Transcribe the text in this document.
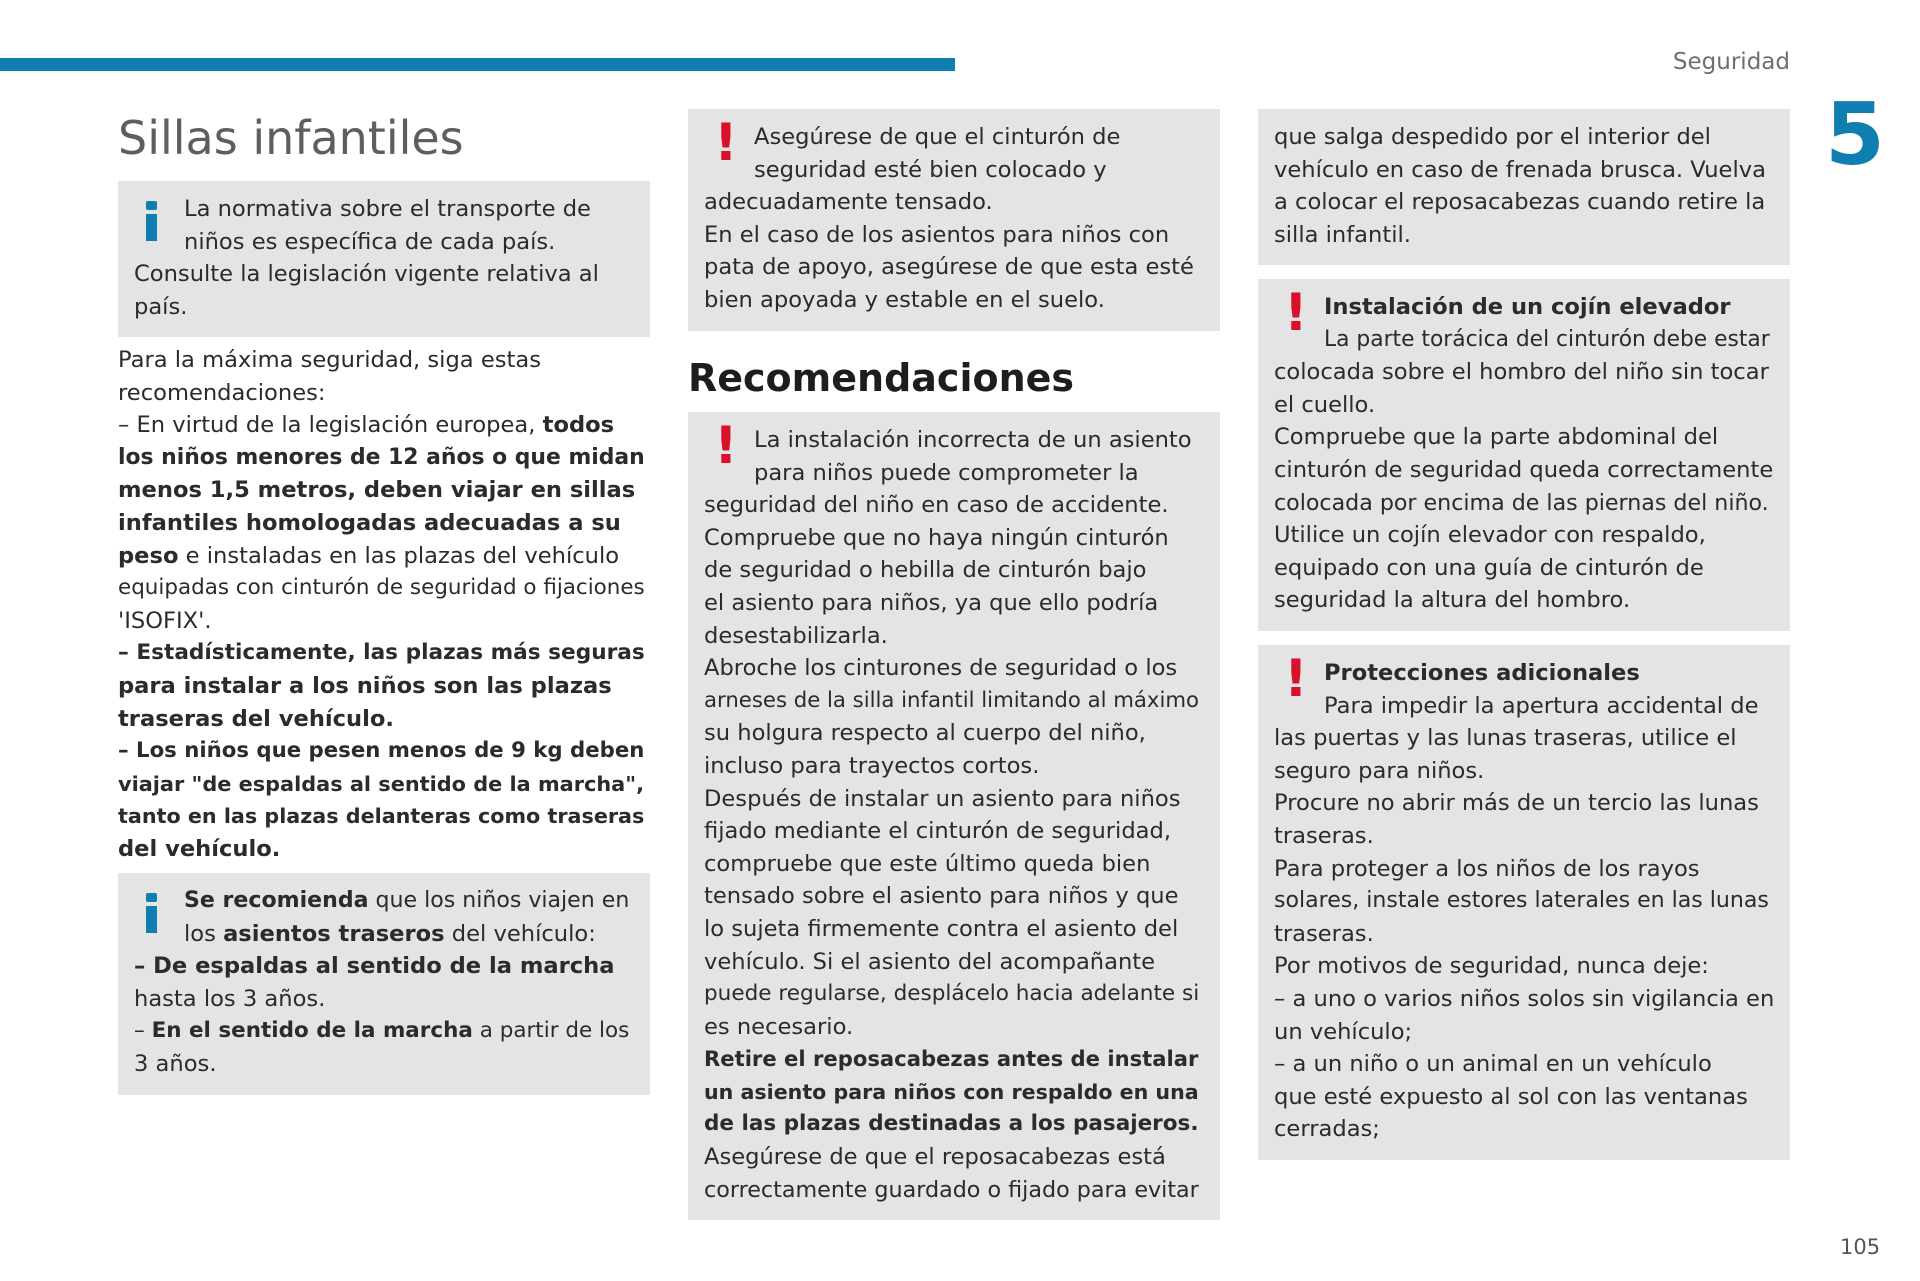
Seguridad
5
105
Sillas infantiles
La normativa sobre el transporte de
niños es específica de cada país.
Consulte la legislación vigente relativa al
país.
Para la máxima seguridad, siga estas
recomendaciones:
– En virtud de la legislación europea, todos
los niños menores de 12 años o que midan
menos 1,5 metros, deben viajar en sillas
infantiles homologadas adecuadas a su
peso e instaladas en las plazas del vehículo
equipadas con cinturón de seguridad o fijaciones
'ISOFIX'.
– Estadísticamente, las plazas más seguras
para instalar a los niños son las plazas
traseras del vehículo.
– Los niños que pesen menos de 9 kg deben
viajar "de espaldas al sentido de la marcha",
tanto en las plazas delanteras como traseras
del vehículo.
Se recomienda que los niños viajen en
los asientos traseros del vehículo:
– De espaldas al sentido de la marcha
hasta los 3 años.
– En el sentido de la marcha a partir de los
3 años.
! Asegúrese de que el cinturón de
seguridad esté bien colocado y
adecuadamente tensado.
En el caso de los asientos para niños con
pata de apoyo, asegúrese de que esta esté
bien apoyada y estable en el suelo.
Recomendaciones
! La instalación incorrecta de un asiento
para niños puede comprometer la
seguridad del niño en caso de accidente.
Compruebe que no haya ningún cinturón
de seguridad o hebilla de cinturón bajo
el asiento para niños, ya que ello podría
desestabilizarla.
Abroche los cinturones de seguridad o los
arneses de la silla infantil limitando al máximo
su holgura respecto al cuerpo del niño,
incluso para trayectos cortos.
Después de instalar un asiento para niños
fijado mediante el cinturón de seguridad,
compruebe que este último queda bien
tensado sobre el asiento para niños y que
lo sujeta firmemente contra el asiento del
vehículo. Si el asiento del acompañante
puede regularse, desplácelo hacia adelante si
es necesario.
Retire el reposacabezas antes de instalar
un asiento para niños con respaldo en una
de las plazas destinadas a los pasajeros.
Asegúrese de que el reposacabezas está
correctamente guardado o fijado para evitar
que salga despedido por el interior del
vehículo en caso de frenada brusca. Vuelva
a colocar el reposacabezas cuando retire la
silla infantil.
! Instalación de un cojín elevador
La parte torácica del cinturón debe estar
colocada sobre el hombro del niño sin tocar
el cuello.
Compruebe que la parte abdominal del
cinturón de seguridad queda correctamente
colocada por encima de las piernas del niño.
Utilice un cojín elevador con respaldo,
equipado con una guía de cinturón de
seguridad la altura del hombro.
! Protecciones adicionales
Para impedir la apertura accidental de
las puertas y las lunas traseras, utilice el
seguro para niños.
Procure no abrir más de un tercio las lunas
traseras.
Para proteger a los niños de los rayos
solares, instale estores laterales en las lunas
traseras.
Por motivos de seguridad, nunca deje:
– a uno o varios niños solos sin vigilancia en
un vehículo;
– a un niño o un animal en un vehículo
que esté expuesto al sol con las ventanas
cerradas;
